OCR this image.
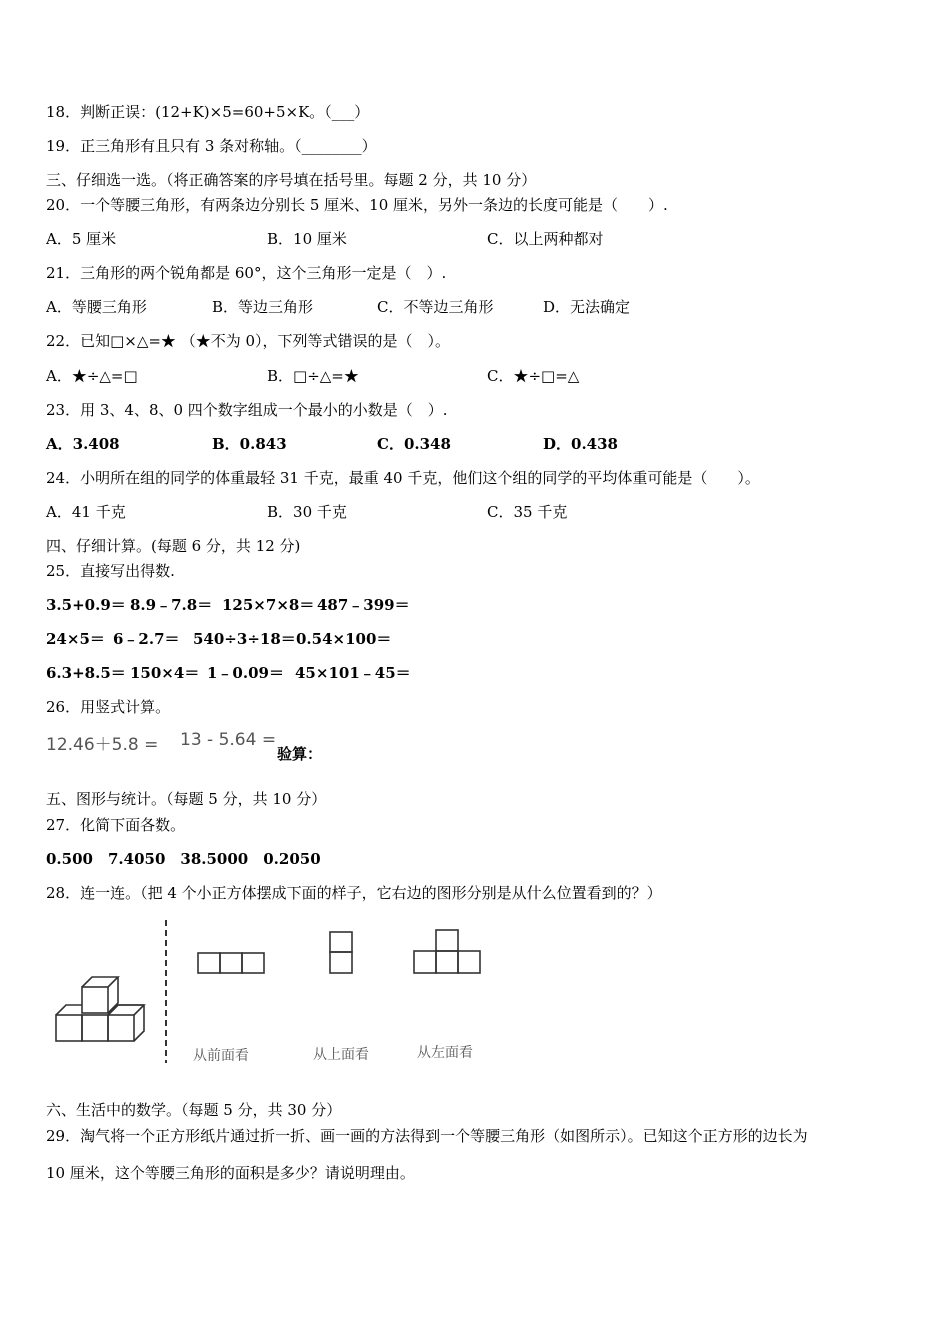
18．判断正误：(12+K)×5=60+5×K。（___）
19．正三角形有且只有 3 条对称轴。（________）
三、仔细选一选。（将正确答案的序号填在括号里。每题 2 分，共 10 分）
20．一个等腰三角形，有两条边分别长 5 厘米、10 厘米，另外一条边的长度可能是（　　）.
A．5 厘米	B．10 厘米	C．以上两种都对
21．三角形的两个锐角都是 60°，这个三角形一定是（　）.
A．等腰三角形	B．等边三角形	C．不等边三角形	D．无法确定
22．已知□×△=★ （★不为 0），下列等式错误的是（　）。
A．★÷△=□	B．□÷△=★	C．★÷□=△
23．用 3、4、8、0 四个数字组成一个最小的小数是（　）.
A．3.408	B．0.843	C．0.348	D．0.438
24．小明所在组的同学的体重最轻 31 千克，最重 40 千克，他们这个组的同学的平均体重可能是（　　）。
A．41 千克	B．30 千克	C．35 千克
四、仔细计算。(每题 6 分，共 12 分)
25．直接写出得数.
3.5+0.9＝ 8.9﹣7.8＝ 125×7×8＝ 487﹣399＝
24×5＝ 6﹣2.7＝ 540÷3÷18＝ 0.54×100＝
6.3+8.5＝ 150×4＝ 1﹣0.09＝ 45×101﹣45＝
26．用竖式计算。
12.46＋5.8 = 13 - 5.64 =
验算：
五、图形与统计。（每题 5 分，共 10 分）
27．化简下面各数。
0.500　7.4050　38.5000　0.2050
28．连一连。（把 4 个小正方体摆成下面的样子，它右边的图形分别是从什么位置看到的？）
从前面看	从上面看	从左面看
六、生活中的数学。（每题 5 分，共 30 分）
29．淘气将一个正方形纸片通过折一折、画一画的方法得到一个等腰三角形（如图所示）。已知这个正方形的边长为
10 厘米，这个等腰三角形的面积是多少？请说明理由。
